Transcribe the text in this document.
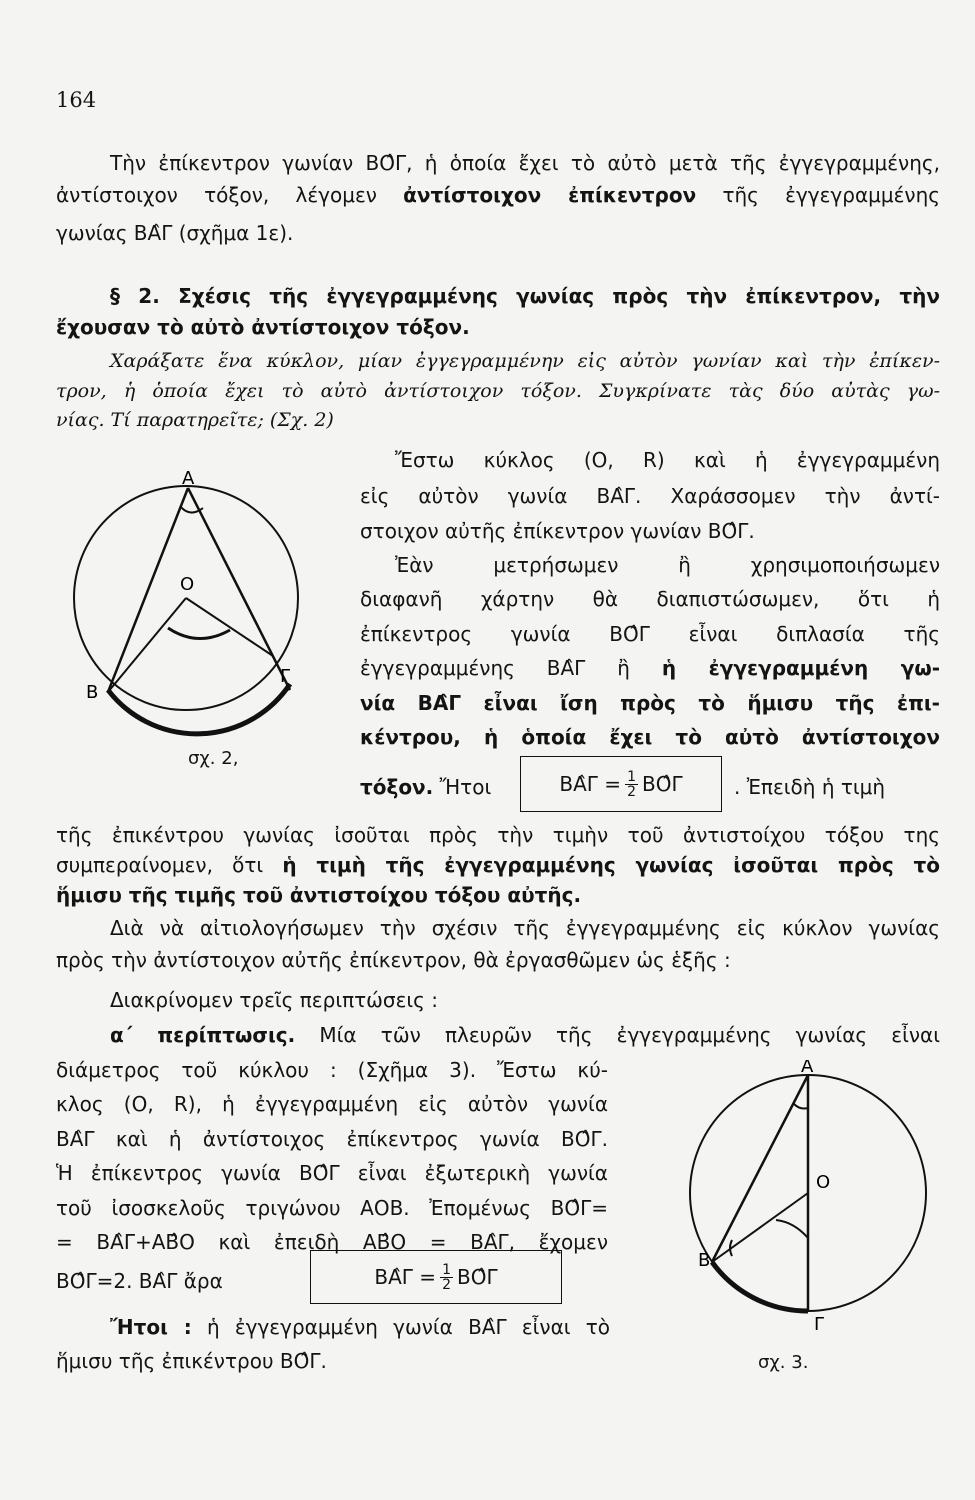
164
Τὴν ἐπίκεντρον γωνίαν ΒΟ̂Γ, ἡ ὁποία ἔχει τὸ αὐτὸ μετὰ τῆς ἐγγεγραμμένης,
ἀντίστοιχον τόξον, λέγομεν ἀντίστοιχον ἐπίκεντρον τῆς ἐγγεγραμμένης
γωνίας ΒΑ̂Γ (σχῆμα 1ε).
§ 2. Σχέσις τῆς ἐγγεγραμμένης γωνίας πρὸς τὴν ἐπίκεντρον, τὴν
ἔχουσαν τὸ αὐτὸ ἀντίστοιχον τόξον.
Χαράξατε ἕνα κύκλον, μίαν ἐγγεγραμμένην εἰς αὐτὸν γωνίαν καὶ τὴν ἐπίκεν-
τρον, ἡ ὁποία ἔχει τὸ αὐτὸ ἀντίστοιχον τόξον. Συγκρίνατε τὰς δύο αὐτὰς γω-
νίας. Τί παρατηρεῖτε; (Σχ. 2)
Α
Ο
Β
Γ
σχ. 2,
Ἔστω κύκλος (Ο, R) καὶ ἡ ἐγγεγραμμένη
εἰς αὐτὸν γωνία ΒΑ̂Γ. Χαράσσομεν τὴν ἀντί-
στοιχον αὐτῆς ἐπίκεντρον γωνίαν ΒΟ̂Γ.
Ἐὰν μετρήσωμεν ἢ χρησιμοποιήσωμεν
διαφανῆ χάρτην θὰ διαπιστώσωμεν, ὅτι ἡ
ἐπίκεντρος γωνία ΒΟ̂Γ εἶναι διπλασία τῆς
ἐγγεγραμμένης ΒΑ̂Γ ἢ ἡ ἐγγεγραμμένη γω-
νία ΒΑ̂Γ εἶναι ἴση πρὸς τὸ ἥμισυ τῆς ἐπι-
κέντρου, ἡ ὁποία ἔχει τὸ αὐτὸ ἀντίστοιχον
τόξον. Ἤτοι	ΒΑ̂Γ = $\frac{1}{2}$ ΒΟ̂Γ	. Ἐπειδὴ ἡ τιμὴ
τῆς ἐπικέντρου γωνίας ἰσοῦται πρὸς τὴν τιμὴν τοῦ ἀντιστοίχου τόξου της
συμπεραίνομεν, ὅτι ἡ τιμὴ τῆς ἐγγεγραμμένης γωνίας ἰσοῦται πρὸς τὸ
ἥμισυ τῆς τιμῆς τοῦ ἀντιστοίχου τόξου αὐτῆς.
Διὰ νὰ αἰτιολογήσωμεν τὴν σχέσιν τῆς ἐγγεγραμμένης εἰς κύκλον γωνίας
πρὸς τὴν ἀντίστοιχον αὐτῆς ἐπίκεντρον, θὰ ἐργασθῶμεν ὡς ἑξῆς :
Διακρίνομεν τρεῖς περιπτώσεις :
α΄ περίπτωσις. Μία τῶν πλευρῶν τῆς ἐγγεγραμμένης γωνίας εἶναι
διάμετρος τοῦ κύκλου : (Σχῆμα 3). Ἔστω κύ-
κλος (Ο, R), ἡ ἐγγεγραμμένη εἰς αὐτὸν γωνία
ΒΑ̂Γ καὶ ἡ ἀντίστοιχος ἐπίκεντρος γωνία ΒΟ̂Γ.
Ἡ ἐπίκεντρος γωνία ΒΟ̂Γ εἶναι ἐξωτερικὴ γωνία
τοῦ ἰσοσκελοῦς τριγώνου ΑΟΒ. Ἐπομένως ΒΟ̂Γ=
= ΒΑ̂Γ+ΑΒ̂Ο καὶ ἐπειδὴ ΑΒ̂Ο = ΒΑ̂Γ, ἔχομεν
ΒΟ̂Γ=2. ΒΑ̂Γ ἄρα	ΒΑ̂Γ = $\frac{1}{2}$ ΒΟ̂Γ
Ἤτοι : ἡ ἐγγεγραμμένη γωνία ΒΑ̂Γ εἶναι τὸ
ἥμισυ τῆς ἐπικέντρου ΒΟ̂Γ.
Α
Ο
Β
Γ
σχ. 3.
